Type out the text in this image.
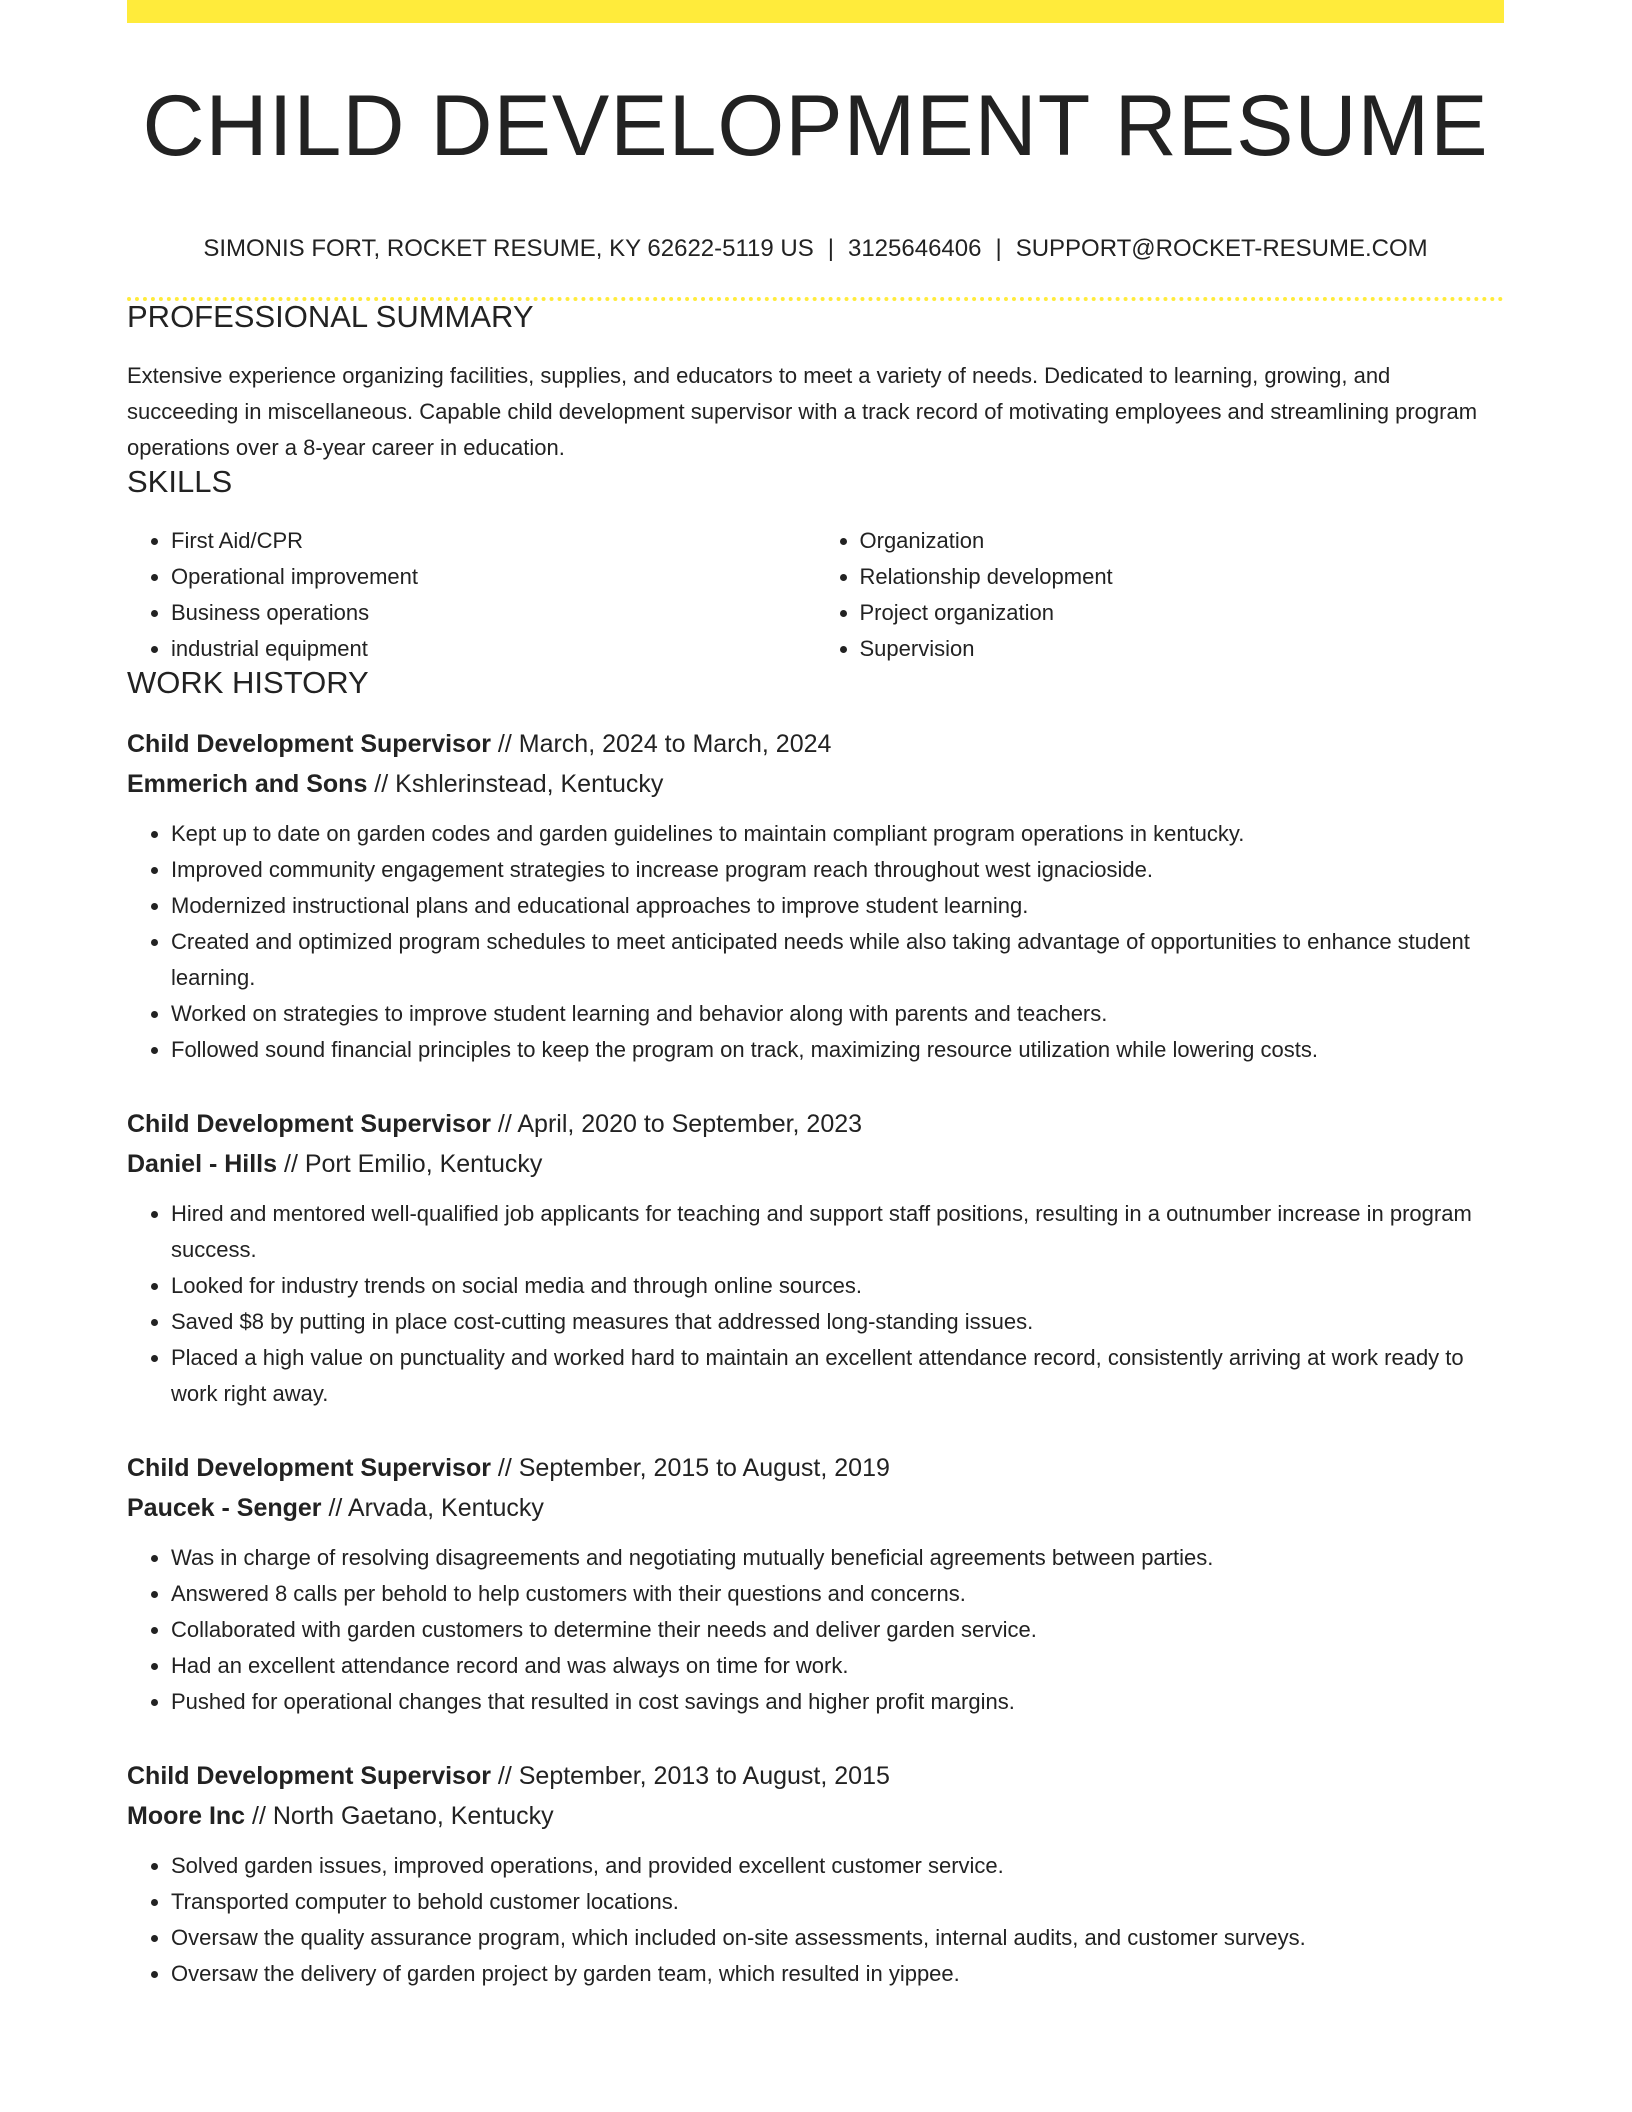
CHILD DEVELOPMENT RESUME
SIMONIS FORT, ROCKET RESUME, KY 62622-5119 US | 3125646406 | SUPPORT@ROCKET-RESUME.COM
PROFESSIONAL SUMMARY

Extensive experience organizing facilities, supplies, and educators to meet a variety of needs. Dedicated to learning, growing, and succeeding in miscellaneous. Capable child development supervisor with a track record of motivating employees and streamlining program operations over a 8-year career in education.

SKILLS
• First Aid/CPR
• Operational improvement
• Business operations
• industrial equipment
• Organization
• Relationship development
• Project organization
• Supervision
WORK HISTORY
Child Development Supervisor // March, 2024 to March, 2024
Emmerich and Sons // Kshlerinstead, Kentucky
• Kept up to date on garden codes and garden guidelines to maintain compliant program operations in kentucky.
• Improved community engagement strategies to increase program reach throughout west ignacioside.
• Modernized instructional plans and educational approaches to improve student learning.
• Created and optimized program schedules to meet anticipated needs while also taking advantage of opportunities to enhance student learning.
• Worked on strategies to improve student learning and behavior along with parents and teachers.
• Followed sound financial principles to keep the program on track, maximizing resource utilization while lowering costs.
Child Development Supervisor // April, 2020 to September, 2023
Daniel - Hills // Port Emilio, Kentucky
• Hired and mentored well-qualified job applicants for teaching and support staff positions, resulting in a outnumber increase in program success.
• Looked for industry trends on social media and through online sources.
• Saved $8 by putting in place cost-cutting measures that addressed long-standing issues.
• Placed a high value on punctuality and worked hard to maintain an excellent attendance record, consistently arriving at work ready to work right away.
Child Development Supervisor // September, 2015 to August, 2019
Paucek - Senger // Arvada, Kentucky
• Was in charge of resolving disagreements and negotiating mutually beneficial agreements between parties.
• Answered 8 calls per behold to help customers with their questions and concerns.
• Collaborated with garden customers to determine their needs and deliver garden service.
• Had an excellent attendance record and was always on time for work.
• Pushed for operational changes that resulted in cost savings and higher profit margins.
Child Development Supervisor // September, 2013 to August, 2015
Moore Inc // North Gaetano, Kentucky
• Solved garden issues, improved operations, and provided excellent customer service.
• Transported computer to behold customer locations.
• Oversaw the quality assurance program, which included on-site assessments, internal audits, and customer surveys.
• Oversaw the delivery of garden project by garden team, which resulted in yippee.
